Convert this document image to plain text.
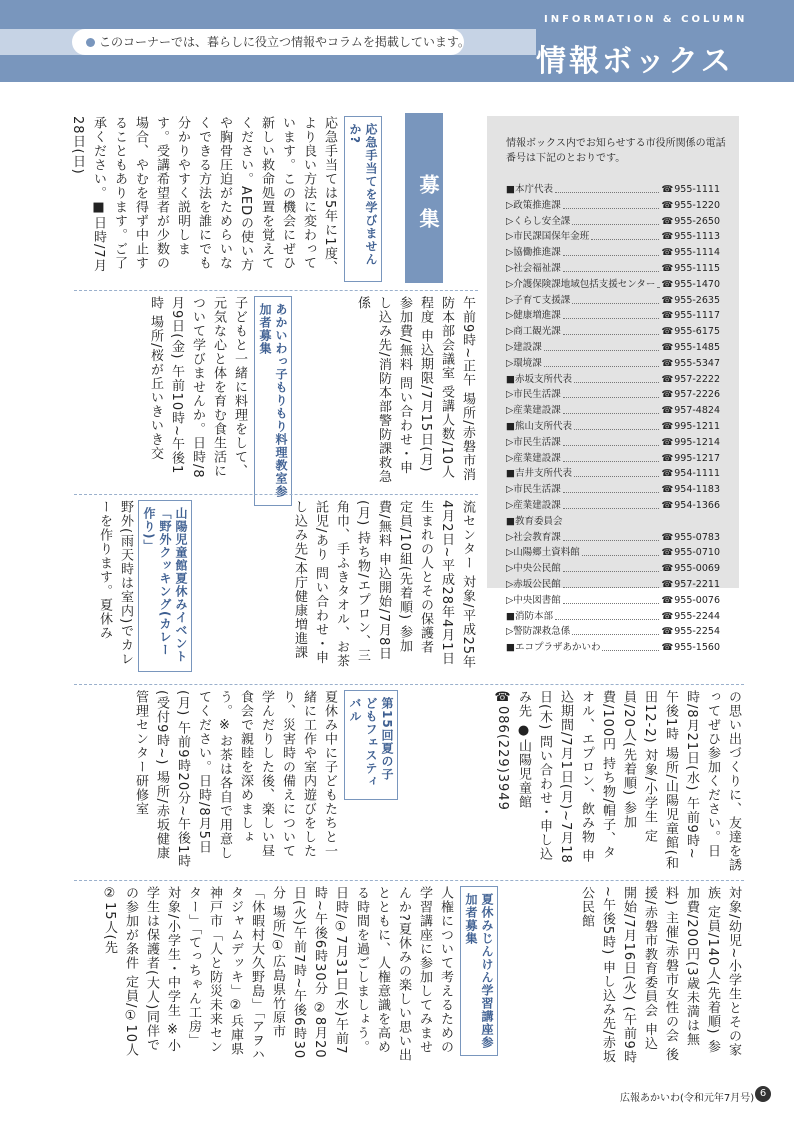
このコーナーでは、暮らしに役立つ情報やコラムを掲載しています。
INFORMATION & COLUMN
情報ボックス
募集
応急手当てを学びませんか?
応急手当ては5年に1度、より良い方法に変わっています。この機会にぜひ新しい救命処置を覚えてください。AEDの使い方や胸骨圧迫がためらいなくできる方法を誰にでも分かりやすく説明します。受講希望者が少数の場合、やむを得ず中止することもあります。ご了承ください。■日時/7月28日(日)
午前9時~正午 場所/赤磐市消防本部会議室 受講人数/10人程度 申込期限/7月15日(月) 参加費/無料 問い合わせ・申し込み先/消防本部警防課救急係
あかいわっ子もりもり料理教室参加者募集
子どもと一緒に料理をして、元気な心と体を育む食生活について学びませんか。日時/8月9日(金) 午前10時~午後1時 場所/桜が丘いきいき交
流センター 対象/平成25年4月2日~平成28年4月1日生まれの人とその保護者 定員/10組(先着順) 参加費/無料 申込開始/7月8日(月) 持ち物/エプロン、三角巾、手ふきタオル、お茶 託児/あり 問い合わせ・申し込み先/本庁健康増進課
山陽児童館夏休みイベント「野外クッキング(カレー作り)」
野外(雨天時は室内)でカレーを作ります。夏休み
情報ボックス内でお知らせする市役所関係の電話番号は下記のとおりです。
■本庁代表	☎ 955-1111
▷政策推進課	☎ 955-1220
▷くらし安全課	☎ 955-2650
▷市民課国保年金班	☎ 955-1113
▷協働推進課	☎ 955-1114
▷社会福祉課	☎ 955-1115
▷介護保険課地域包括支援センター	☎ 955-1470
▷子育て支援課	☎ 955-2635
▷健康増進課	☎ 955-1117
▷商工観光課	☎ 955-6175
▷建設課	☎ 955-1485
▷環境課	☎ 955-5347
■赤坂支所代表	☎ 957-2222
▷市民生活課	☎ 957-2226
▷産業建設課	☎ 957-4824
■熊山支所代表	☎ 995-1211
▷市民生活課	☎ 995-1214
▷産業建設課	☎ 995-1217
■吉井支所代表	☎ 954-1111
▷市民生活課	☎ 954-1183
▷産業建設課	☎ 954-1366
■教育委員会
▷社会教育課	☎ 955-0783
▷山陽郷土資料館	☎ 955-0710
▷中央公民館	☎ 955-0069
▷赤坂公民館	☎ 957-2211
▷中央図書館	☎ 955-0076
■消防本部	☎ 955-2244
▷警防課救急係	☎ 955-2254
■エコプラザあかいわ	☎ 955-1560
の思い出づくりに、友達を誘ってぜひ参加ください。日時/8月21日(水) 午前9時~午後1時 場所/山陽児童館(和田12-2) 対象/小学生 定員/20人(先着順) 参加費/100円 持ち物/帽子、タオル、エプロン、飲み物 申込期間/7月1日(月)~7月18日(木) 問い合わせ・申し込み先 ●山陽児童館 ☎086(229)3949
第15回夏の子どもフェスティバル
夏休み中に子どもたちと一緒に工作や室内遊びをしたり、災害時の備えについて学んだりした後、楽しい昼食会で親睦を深めましょう。※お茶は各自で用意してください。日時/8月5日(月) 午前9時20分~午後1時(受付9時~) 場所/赤坂健康管理センター研修室
対象/幼児~小学生とその家族 定員/140人(先着順) 参加費/200円(3歳未満は無料) 主催/赤磐市女性の会 後援/赤磐市教育委員会 申込開始/7月16日(火) (午前9時~午後5時) 申し込み先/赤坂公民館
夏休みじんけん学習講座参加者募集
人権について考えるための学習講座に参加してみませんか?夏休みの楽しい思い出とともに、人権意識を高める時間を過ごしましょう。日時/①7月31日(水)午前7時~午後6時30分 ②8月20日(火)午前7時~午後6時30分 場所/①広島県竹原市「休暇村大久野島」「アヲハタジャムデッキ」②兵庫県神戸市「人と防災未来センター」「てっちゃん工房」 対象/小学生・中学生 ※小学生は保護者(大人)同伴での参加が条件 定員/①10人 ②15人(先
広報あかいわ(令和元年7月号) 6
